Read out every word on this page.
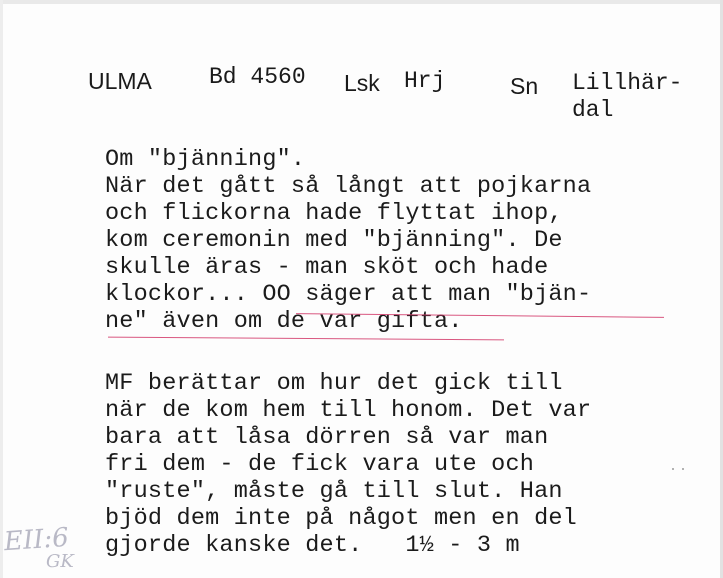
ULMA Bd 4560 Lsk Hrj	Sn Lillhär-
dal
Om "bjänning".
När det gått så långt att pojkarna
och flickorna hade flyttat ihop,
kom ceremonin med "bjänning". De
skulle äras - man sköt och hade
klockor... OO säger att man "bjän-
ne" även om de var gifta.
MF berättar om hur det gick till
när de kom hem till honom. Det var
bara att låsa dörren så var man
fri dem - de fick vara ute och
"ruste", måste gå till slut. Han
bjöd dem inte på något men en del
gjorde kanske det.   1½ - 3 m
EII:6
GK
